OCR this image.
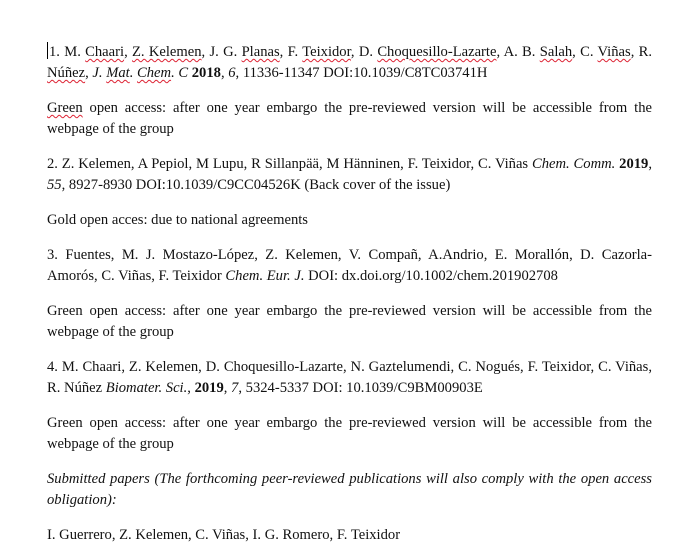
1. M. Chaari, Z. Kelemen, J. G. Planas, F. Teixidor, D. Choquesillo-Lazarte, A. B. Salah, C. Viñas, R. Núñez, J. Mat. Chem. C 2018, 6, 11336-11347 DOI:10.1039/C8TC03741H

Green open access: after one year embargo the pre-reviewed version will be accessible from the webpage of the group

2. Z. Kelemen, A Pepiol, M Lupu, R Sillanpää, M Hänninen, F. Teixidor, C. Viñas Chem. Comm. 2019, 55, 8927-8930 DOI:10.1039/C9CC04526K (Back cover of the issue)

Gold open acces: due to national agreements

3. Fuentes, M. J. Mostazo-López, Z. Kelemen, V. Compañ, A.Andrio, E. Morallón, D. Cazorla-Amorós, C. Viñas, F. Teixidor Chem. Eur. J. DOI: dx.doi.org/10.1002/chem.201902708

Green open access: after one year embargo the pre-reviewed version will be accessible from the webpage of the group

4. M. Chaari, Z. Kelemen, D. Choquesillo-Lazarte, N. Gaztelumendi, C. Nogués, F. Teixidor, C. Viñas, R. Núñez Biomater. Sci., 2019, 7, 5324-5337 DOI: 10.1039/C9BM00903E

Green open access: after one year embargo the pre-reviewed version will be accessible from the webpage of the group

Submitted papers (The forthcoming peer-reviewed publications will also comply with the open access obligation):

I. Guerrero, Z. Kelemen, C. Viñas, I. G. Romero, F. Teixidor
